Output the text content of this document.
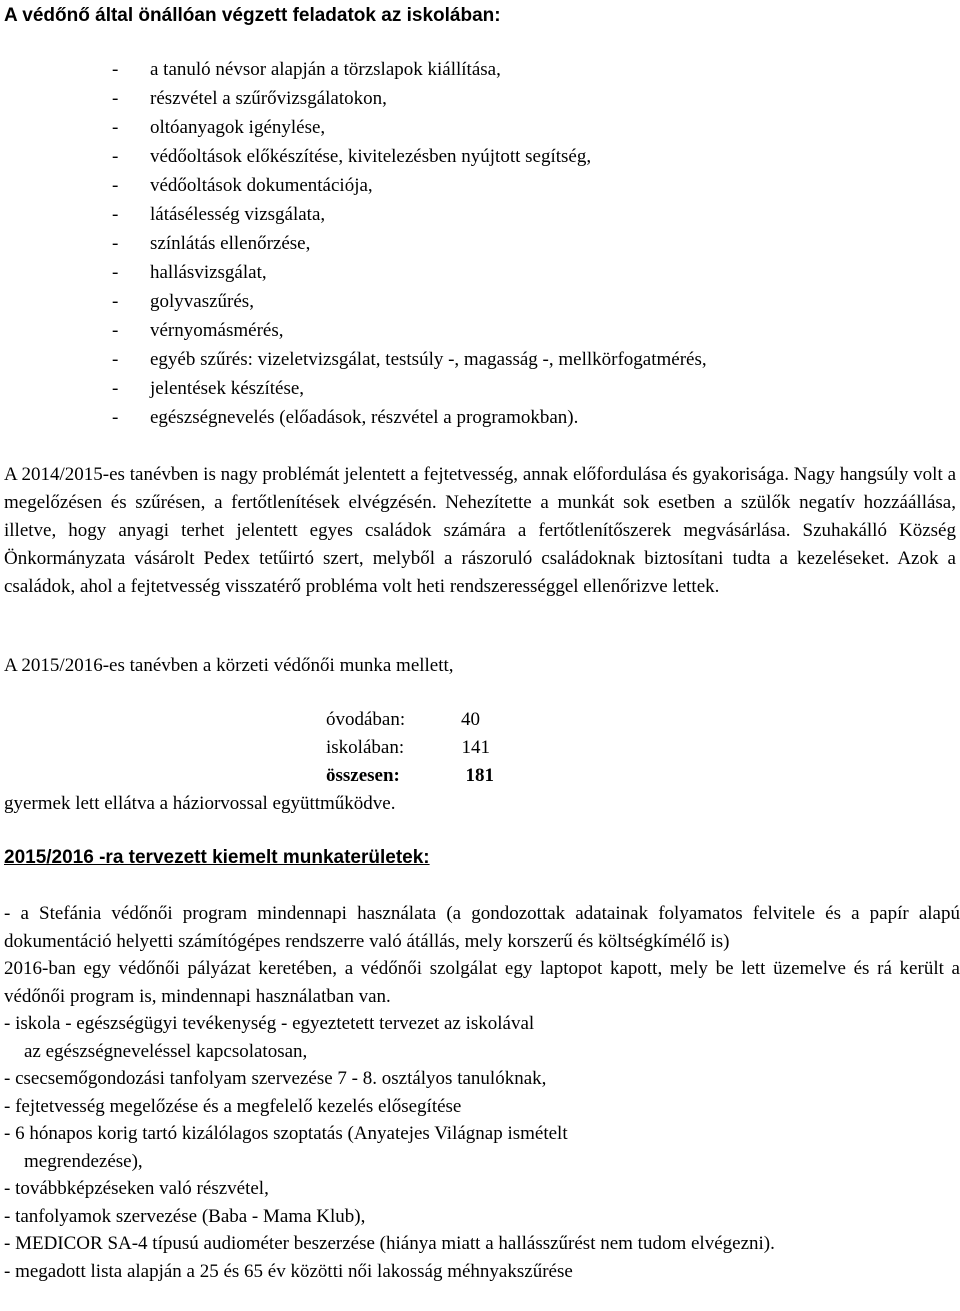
A védőnő által önállóan végzett feladatok az iskolában:
-	a tanuló névsor alapján a törzslapok kiállítása,
-	részvétel a szűrővizsgálatokon,
-	oltóanyagok igénylése,
-	védőoltások előkészítése, kivitelezésben nyújtott segítség,
-	védőoltások dokumentációja,
-	látásélesség vizsgálata,
-	színlátás ellenőrzése,
-	hallásvizsgálat,
-	golyvaszűrés,
-	vérnyomásmérés,
-	egyéb szűrés: vizeletvizsgálat, testsúly -, magasság -, mellkörfogatmérés,
-	jelentések készítése,
-	egészségnevelés (előadások, részvétel a programokban).

A 2014/2015-es tanévben is nagy problémát jelentett a fejtetvesség, annak előfordulása és gyakorisága. Nagy hangsúly volt a megelőzésen és szűrésen, a fertőtlenítések elvégzésén. Nehezítette a munkát sok esetben a szülők negatív hozzáállása, illetve, hogy anyagi terhet jelentett egyes családok számára a fertőtlenítőszerek megvásárlása. Szuhakálló Község Önkormányzata vásárolt Pedex tetűirtó szert, melyből a rászoruló családoknak biztosítani tudta a kezeléseket. Azok a családok, ahol a fejtetvesség visszatérő probléma volt heti rendszerességgel ellenőrizve lettek.

A 2015/2016-es tanévben a körzeti védőnői munka mellett,

óvodában:	40
iskolában:	141
összesen:	181

gyermek lett ellátva a háziorvossal együttműködve.

2015/2016 -ra tervezett kiemelt munkaterületek:
- a Stefánia védőnői program mindennapi használata (a gondozottak adatainak folyamatos felvitele és a papír alapú dokumentáció helyetti számítógépes rendszerre való átállás, mely korszerű és költségkímélő is)
2016-ban egy védőnői pályázat keretében, a védőnői szolgálat egy laptopot kapott, mely be lett üzemelve és rá került a védőnői program is, mindennapi használatban van.
- iskola - egészségügyi tevékenység - egyeztetett tervezet az iskolával
az egészségneveléssel kapcsolatosan,
- csecsemőgondozási tanfolyam szervezése 7 - 8. osztályos tanulóknak,
- fejtetvesség megelőzése és a megfelelő kezelés elősegítése
- 6 hónapos korig tartó kizálólagos szoptatás (Anyatejes Világnap ismételt
megrendezése),
- továbbképzéseken való részvétel,
- tanfolyamok szervezése (Baba - Mama Klub),
- MEDICOR SA-4 típusú audiométer beszerzése (hiánya miatt a hallásszűrést nem tudom elvégezni).
- megadott lista alapján a 25 és 65 év közötti női lakosság méhnyakszűrése
